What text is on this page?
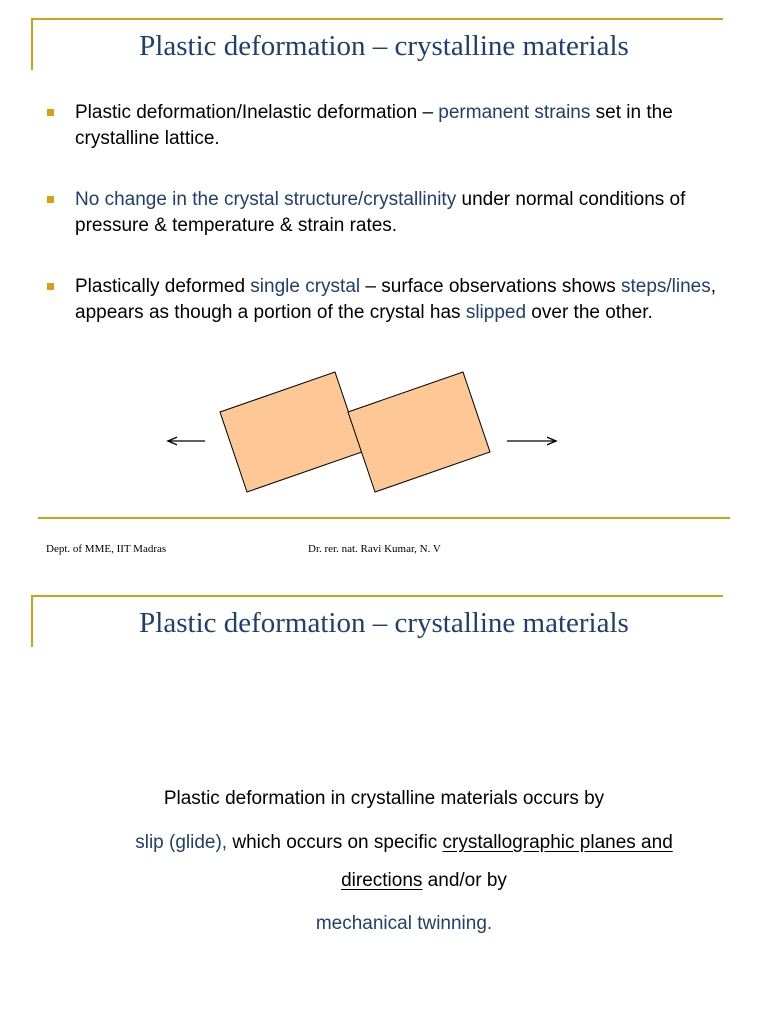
Plastic deformation – crystalline materials
Plastic deformation/Inelastic deformation – permanent strains set in the crystalline lattice.
No change in the crystal structure/crystallinity under normal conditions of pressure & temperature & strain rates.
Plastically deformed single crystal – surface observations shows steps/lines, appears as though a portion of the crystal has slipped over the other.
Dept. of MME, IIT Madras	Dr. rer. nat. Ravi Kumar, N. V
Plastic deformation – crystalline materials
Plastic deformation in crystalline materials occurs by
slip (glide), which occurs on specific crystallographic planes and
directions and/or by
mechanical twinning.
